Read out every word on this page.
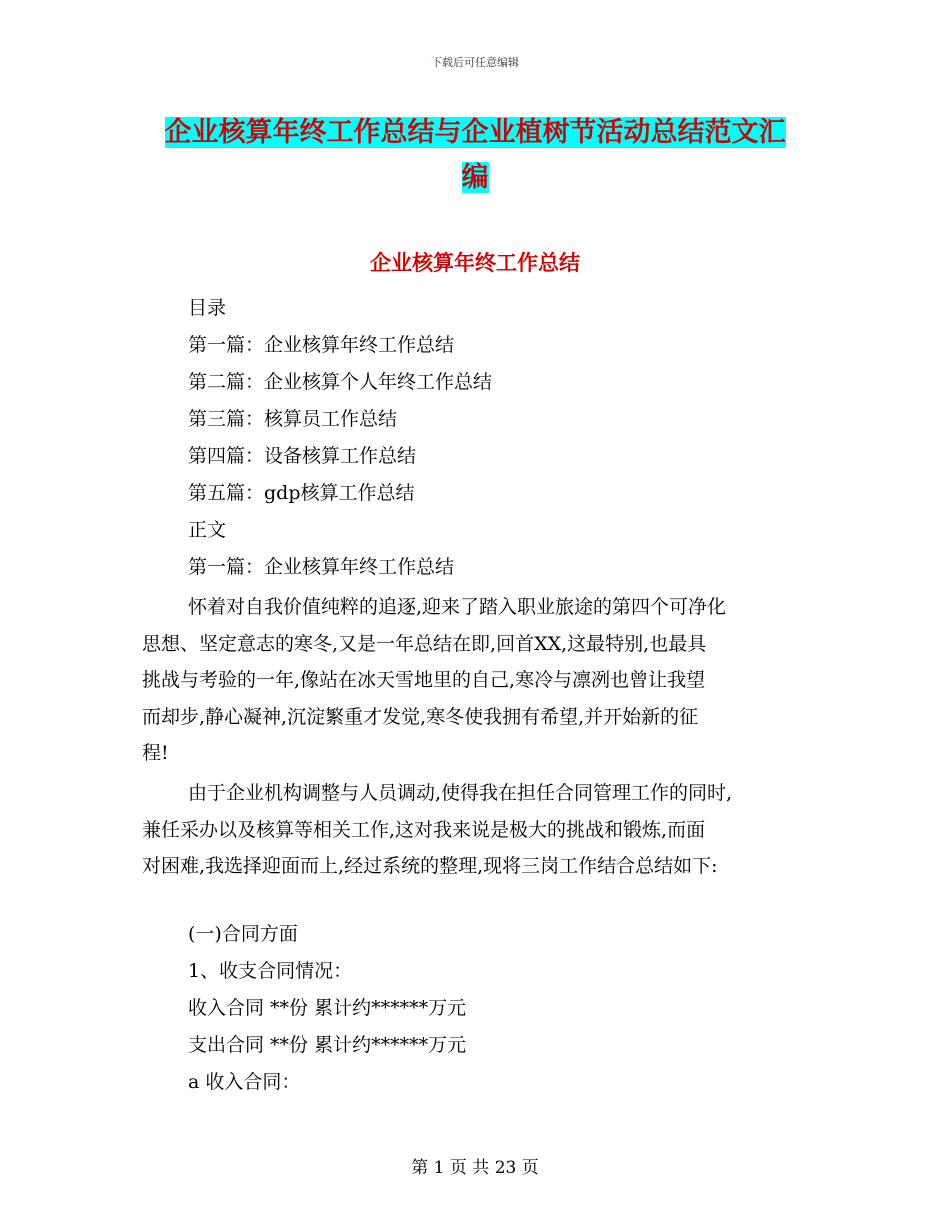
下载后可任意编辑
企业核算年终工作总结与企业植树节活动总结范文汇
编
企业核算年终工作总结
目录
第一篇：企业核算年终工作总结
第二篇：企业核算个人年终工作总结
第三篇：核算员工作总结
第四篇：设备核算工作总结
第五篇：gdp核算工作总结
正文
第一篇：企业核算年终工作总结
怀着对自我价值纯粹的追逐,迎来了踏入职业旅途的第四个可净化
思想、坚定意志的寒冬,又是一年总结在即,回首XX,这最特别,也最具
挑战与考验的一年,像站在冰天雪地里的自己,寒冷与凛冽也曾让我望
而却步,静心凝神,沉淀繁重才发觉,寒冬使我拥有希望,并开始新的征
程!
由于企业机构调整与人员调动,使得我在担任合同管理工作的同时,
兼任采办以及核算等相关工作,这对我来说是极大的挑战和锻炼,而面
对困难,我选择迎面而上,经过系统的整理,现将三岗工作结合总结如下:
(一)合同方面
1、收支合同情况：
收入合同 **份 累计约******万元
支出合同 **份 累计约******万元
a 收入合同：
第 1 页 共 23 页
